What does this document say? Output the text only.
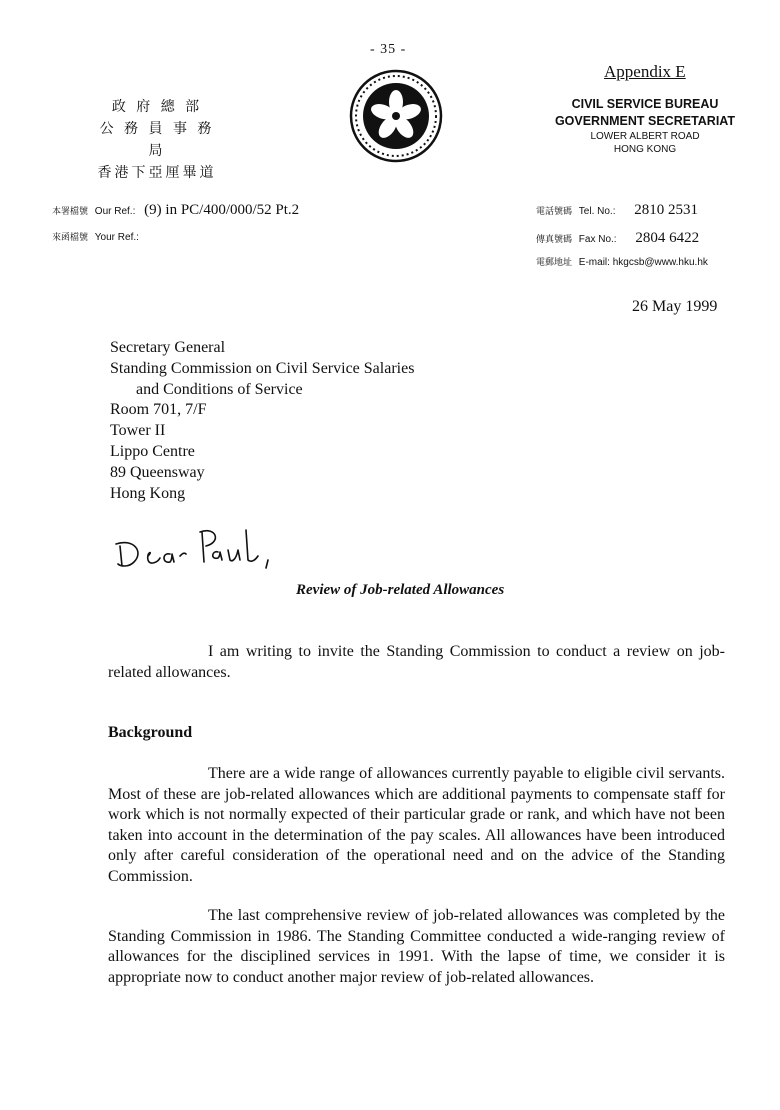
- 35 -
Appendix E
政 府 總 部
公 務 員 事 務 局
香港下亞厘畢道
CIVIL SERVICE BUREAU
GOVERNMENT SECRETARIAT
LOWER ALBERT ROAD
HONG KONG
本署檔號 Our Ref.: (9) in PC/400/000/52 Pt.2
來函檔號 Your Ref.:
電話號碼 Tel. No.: 2810 2531
傳真號碼 Fax No.: 2804 6422
電郵地址 E-mail: hkgcsb@www.hku.hk
26 May 1999
Secretary General
Standing Commission on Civil Service Salaries
and Conditions of Service
Room 701, 7/F
Tower II
Lippo Centre
89 Queensway
Hong Kong
Review of Job-related Allowances
I am writing to invite the Standing Commission to conduct a review on job-related allowances.
Background
There are a wide range of allowances currently payable to eligible civil servants. Most of these are job-related allowances which are additional payments to compensate staff for work which is not normally expected of their particular grade or rank, and which have not been taken into account in the determination of the pay scales. All allowances have been introduced only after careful consideration of the operational need and on the advice of the Standing Commission.
The last comprehensive review of job-related allowances was completed by the Standing Commission in 1986. The Standing Committee conducted a wide-ranging review of allowances for the disciplined services in 1991. With the lapse of time, we consider it is appropriate now to conduct another major review of job-related allowances.
